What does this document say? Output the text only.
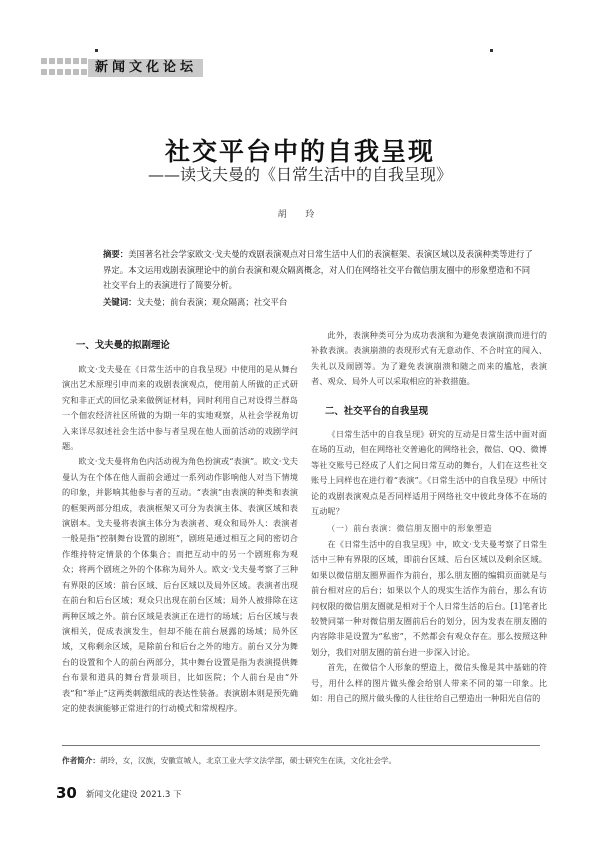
新闻文化论坛
社交平台中的自我呈现
——读戈夫曼的《日常生活中的自我呈现》
胡 玲
摘要：美国著名社会学家欧文·戈夫曼的戏剧表演观点对日常生活中人们的表演框架、表演区域以及表演种类等进行了界定。本文运用戏剧表演理论中的前台表演和观众隔离概念，对人们在网络社交平台微信朋友圈中的形象塑造和不同社交平台上的表演进行了简要分析。
关键词：戈夫曼；前台表演；观众隔离；社交平台
一、戈夫曼的拟剧理论

欧文·戈夫曼在《日常生活中的自我呈现》中使用的是从舞台演出艺术原理引申而来的戏剧表演观点，使用前人所做的正式研究和非正式的回忆录来做例证材料，同时利用自己对设得兰群岛一个佃农经济社区所做的为期一年的实地观察，从社会学视角切入来详尽叙述社会生活中参与者呈现在他人面前活动的戏剧学问题。

欧文·戈夫曼将角色内活动视为角色扮演或“表演”。欧文·戈夫曼认为在个体在他人面前会通过一系列动作影响他人对当下情境的印象，并影响其他参与者的互动。“表演”由表演的种类和表演的框架两部分组成，表演框架又可分为表演主体、表演区域和表演剧本。戈夫曼将表演主体分为表演者、观众和局外人：表演者一般是指“控制舞台设置的剧班”，剧班是通过相互之间的密切合作维持特定情景的个体集合；而把互动中的另一个剧班称为观众；将两个剧班之外的个体称为局外人。欧文·戈夫曼考察了三种有界限的区域：前台区域、后台区域以及局外区域。表演者出现在前台和后台区域；观众只出现在前台区域；局外人被排除在这两种区域之外。前台区域是表演正在进行的场域；后台区域与表演相关，促成表演发生，但却不能在前台展露的场域；局外区域，又称剩余区域，是除前台和后台之外的地方。前台又分为舞台的设置和个人的前台两部分，其中舞台设置是指为表演提供舞台布景和道具的舞台背景项目，比如医院；个人前台是由“外表”和“举止”这两类刺激组成的表达性装备。表演剧本则是预先确定的使表演能够正常进行的行动模式和常规程序。

此外，表演种类可分为成功表演和为避免表演崩溃而进行的补救表演。表演崩溃的表现形式有无意动作、不合时宜的闯入、失礼以及闹剧等。为了避免表演崩溃和随之而来的尴尬，表演者、观众、局外人可以采取相应的补救措施。

二、社交平台的自我呈现

《日常生活中的自我呈现》研究的互动是日常生活中面对面在场的互动，但在网络社交普遍化的网络社会，微信、QQ、微博等社交账号已经成了人们之间日常互动的舞台，人们在这些社交账号上同样也在进行着“表演”。《日常生活中的自我呈现》中所讨论的戏剧表演观点是否同样适用于网络社交中彼此身体不在场的互动呢？

（一）前台表演：微信朋友圈中的形象塑造

在《日常生活中的自我呈现》中，欧文·戈夫曼考察了日常生活中三种有界限的区域，即前台区域、后台区域以及剩余区域。如果以微信朋友圈界面作为前台，那么朋友圈的编辑页面就是与前台相对应的后台；如果以个人的现实生活作为前台，那么有访问权限的微信朋友圈就是相对于个人日常生活的后台。[1]笔者比较赞同第一种对微信朋友圈前后台的划分，因为发表在朋友圈的内容除非是设置为“私密”，不然都会有观众存在。那么按照这种划分，我们对朋友圈的前台进一步深入讨论。

首先，在微信个人形象的塑造上，微信头像是其中基础的符号，用什么样的图片做头像会给别人带来不同的第一印象。比如：用自己的照片做头像的人往往给自己塑造出一种阳光自信的

作者简介：胡玲，女，汉族，安徽宣城人，北京工业大学文法学部，硕士研究生在读，文化社会学。
30 新闻文化建设 2021.3 下
